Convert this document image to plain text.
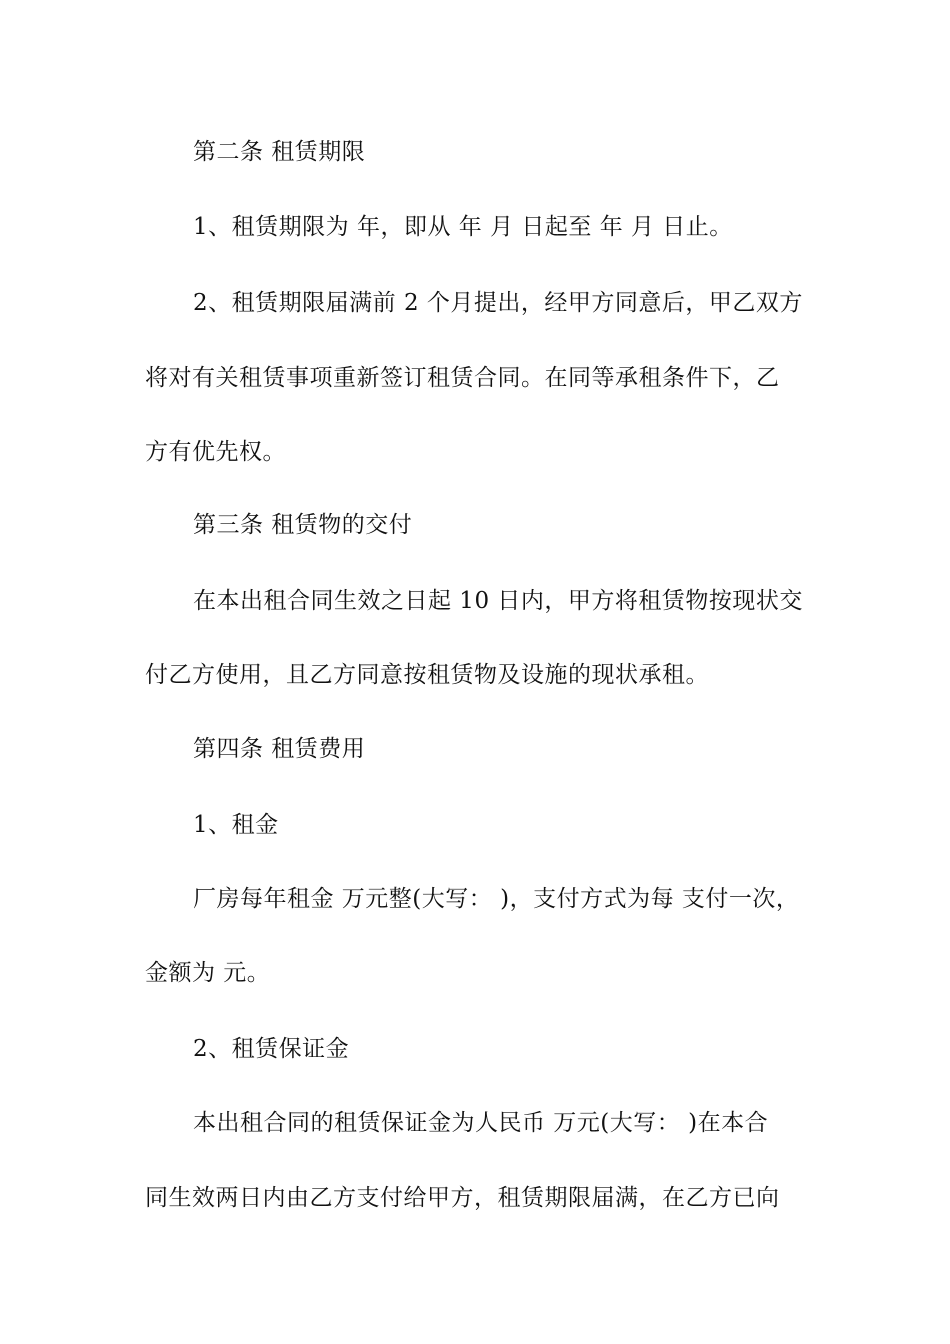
第二条 租赁期限
1、租赁期限为 年，即从 年 月 日起至 年 月 日止。
2、租赁期限届满前 2 个月提出，经甲方同意后，甲乙双方
将对有关租赁事项重新签订租赁合同。在同等承租条件下，乙
方有优先权。
第三条 租赁物的交付
在本出租合同生效之日起 10 日内，甲方将租赁物按现状交
付乙方使用，且乙方同意按租赁物及设施的现状承租。
第四条 租赁费用
1、租金
厂房每年租金 万元整(大写： )，支付方式为每 支付一次，
金额为 元。
2、租赁保证金
本出租合同的租赁保证金为人民币 万元(大写： )在本合
同生效两日内由乙方支付给甲方，租赁期限届满，在乙方已向
